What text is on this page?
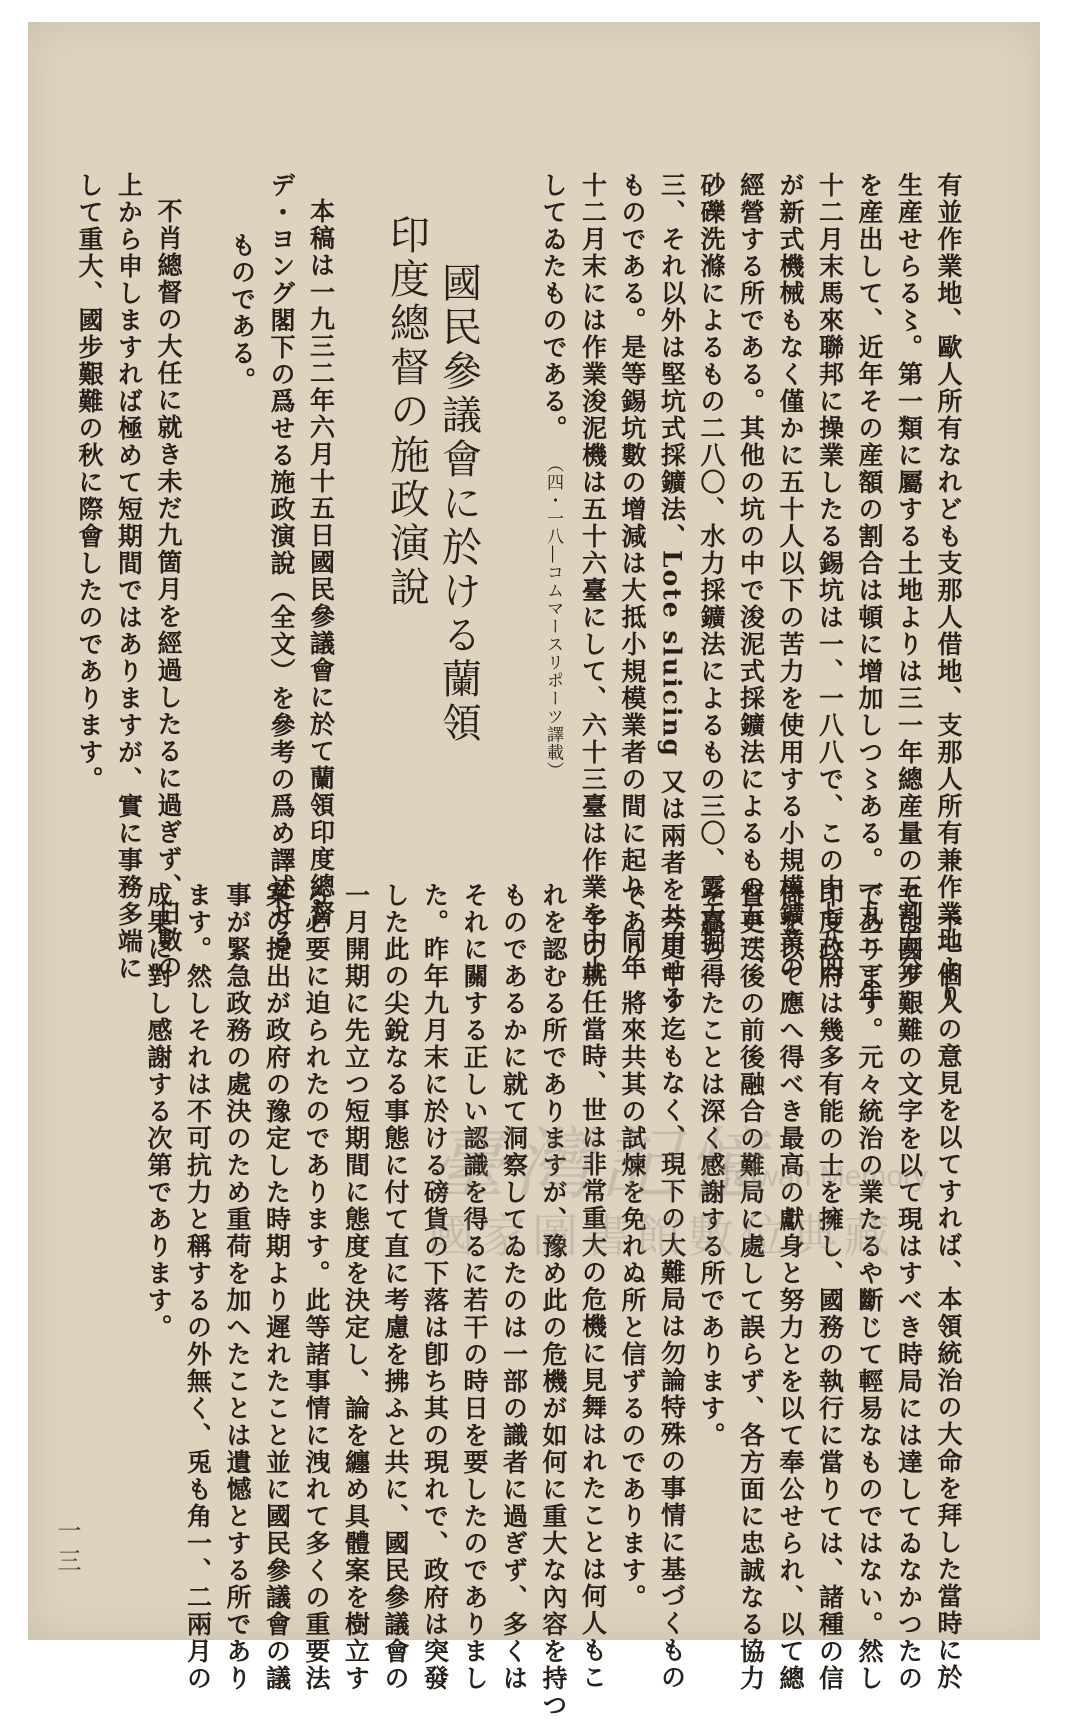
有並作業地、歐人所有なれども支那人借地、支那人所有兼作業地より

生産せらる〻。第一類に屬する土地よりは三一年總産量の五割五分

を産出して、近年その産額の割合は頓に增加しつ〻ある。一九三一年

十二月末馬來聯邦に操業したる錫坑は一、一八八で、この中七八四

が新式機械もなく僅かに五十人以下の苦力を使用する小規模鑛業の

經營する所である。其他の坑の中で浚泥式採鑛法によるもの五一、

砂礫洗滌によるもの二八〇、水力採鑛法によるもの三〇、露天掘二

三、それ以外は堅坑式採鑛法、Lote sluicing 又は兩者を共用せる

ものである。是等錫坑數の增減は大抵小規模業者の間に起り、同年

十二月末には作業浚泥機は五十六臺にして、六十三臺は作業を中止

してゐたものである。（四・一八―コムマースリポーツ譯載）

國民參議會に於ける蘭領
印度總督の施政演說

本稿は一九三二年六月十五日國民參議會に於て蘭領印度總督

デ・ヨング閣下の爲せる施政演說（全文）を參考の爲め譯述せる

ものである。

不肖總督の大任に就き未だ九箇月を經過したるに過ぎず、日數の

上から申しますれば極めて短期間ではありますが、實に事務多端に

して重大、國步艱難の秋に際會したのであります。

予一個人の意見を以てすれば、本領統治の大命を拜した當時に於

ては國步艱難の文字を以て現はすべき時局には達してゐなかつたの

であります。元々統治の業たるや斷じて輕易なものではない。然し

印度政府は幾多有能の士を擁し、國務の執行に當りては、諸種の信

倚を以て應へ得べき最高の獻身と努力とを以て奉公せられ、以て總

督更迭後の前後融合の難局に處して誤らず、各方面に忠誠なる協力

を贏ち得たことは深く感謝する所であります。

今更申す迄もなく、現下の大難局は勿論特殊の事情に基づくもの

であり、將來共其の試煉を免れぬ所と信ずるのであります。

予の就任當時、世は非常重大の危機に見舞はれたことは何人もこ

れを認むる所でありますが、豫め此の危機が如何に重大な內容を持つ

ものであるかに就て洞察してゐたのは一部の識者に過ぎず、多くは

それに關する正しい認識を得るに若干の時日を要したのでありまし

た。昨年九月末に於ける磅貨の下落は卽ち其の現れで、政府は突發

した此の尖銳なる事態に付て直に考慮を拂ふと共に、國民參議會の

一月開期に先立つ短期間に態度を決定し、論を纏め具體案を樹立す

る必要に迫られたのであります。此等諸事情に洩れて多くの重要法

案の提出が政府の豫定した時期より遲れたこと並に國民參議會の議

事が緊急政務の處決のため重荷を加へたことは遺憾とする所であり

ます。然しそれは不可抗力と稱するの外無く、兎も角一、二兩月の

成果に對し感謝する次第であります。

一三
臺灣記憶
Taiwan Memory
國家圖書館數位典藏
